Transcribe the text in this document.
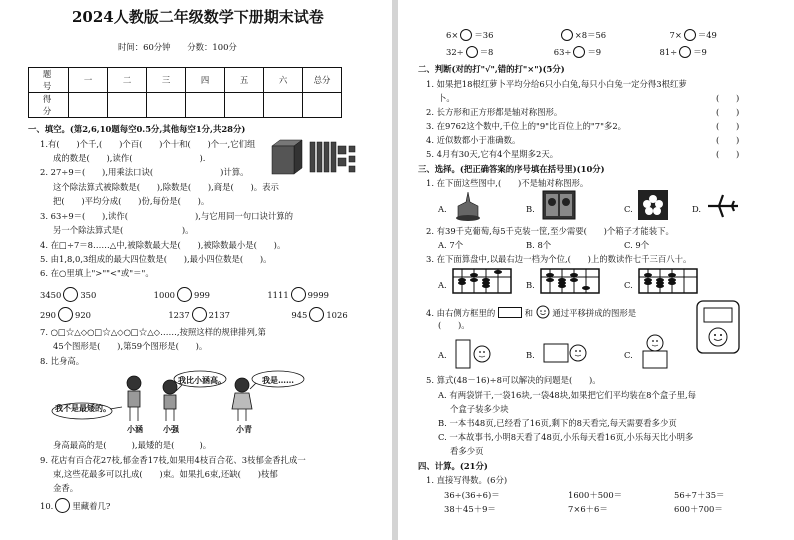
2024人教版二年级数学下册期末试卷
时间：60分钟　　分数：100分
题号	一	二	三	四	五	六	总分
得分							
一、填空。(第2,6,10题每空0.5分,其他每空1分,共28分)
1.有(　　)个千,(　　)个百(　　)个十和(　　)个一,它们组
成的数是(　　),读作(　　　　　　　　).
2. 27÷9＝(　　),用乘法口诀(　　　　　　　　)计算。
这个除法算式被除数是(　　),除数是(　　),商是(　　)。表示
把(　　)平均分成(　　)份,每份是(　　)。
3. 63÷9＝(　　),读作(　　　　　　　　),与它用同一句口诀计算的
另一个除法算式是(　　　　　　　)。
4. 在□÷7＝8……△中,被除数最大是(　　),被除数最小是(　　)。
5. 由1,8,0,3组成的最大四位数是(　　),最小四位数是(　　)。
6. 在○里填上">""<"或"＝"。
3450 350	1000 999	1111 9999
290 920	1237 2137	945 1026
7. ○□☆△◇○□☆△◇○□☆△◇……,按照这样的规律排列,第
45个图形是(　　),第59个图形是(　　)。
8. 比身高。
我不是最矮的。
我比小涵高。	我是……
小涵	小强	小青
身高最高的是(　　　),最矮的是(　　　)。
9. 花店有百合花27枝,郁金香17枝,如果用4枝百合花、3枝郁金香扎成一
束,这些花最多可以扎成(　　)束。如果扎6束,还缺(　　)枝郁
金香。
10. 里藏着几?
6× ＝36	×8＝56	7× ＝49
32÷ ＝8	63÷ ＝9	81÷ ＝9
二、判断(对的打"√",错的打"×")(5分)
1. 如果把18根红萝卜平均分给6只小白兔,每只小白兔一定分得3根红萝
卜。	(　　)
2. 长方形和正方形都是轴对称图形。	(　　)
3. 在9762这个数中,千位上的"9"比百位上的"7"多2。	(　　)
4. 近似数都小于准确数。	(　　)
5. 4月有30天,它有4个星期多2天。	(　　)
三、选择。(把正确答案的序号填在括号里)(10分)
1. 在下面这些图中,(　　)不是轴对称图形。
A.	B.	C.	D.
2. 有39千克葡萄,每5千克装一筐,至少需要(　　)个箱子才能装下。
A. 7个	B. 8个	C. 9个
3. 在下面算盘中,以最右边一档为个位,(　　)上的数读作七千三百八十。
A.	B.	C.
4. 由右侧方框里的	和 通过平移拼成的图形是
(　　)。
A.	B.	C.
5. 算式(48－16)÷8可以解决的问题是(　　)。
A. 有两袋饼干,一袋16块,一袋48块,如果把它们平均装在8个盒子里,每
个盒子装多少块
B. 一本书48页,已经看了16页,剩下的8天看完,每天需要看多少页
C. 一本故事书,小明8天看了48页,小乐每天看16页,小乐每天比小明多
看多少页
四、计算。(21分)
1. 直接写得数。(6分)
36÷(36÷6)＝	1600＋500＝	56÷7＋35＝
38＋45＋9＝	7×6＋6＝	600＋700＝
